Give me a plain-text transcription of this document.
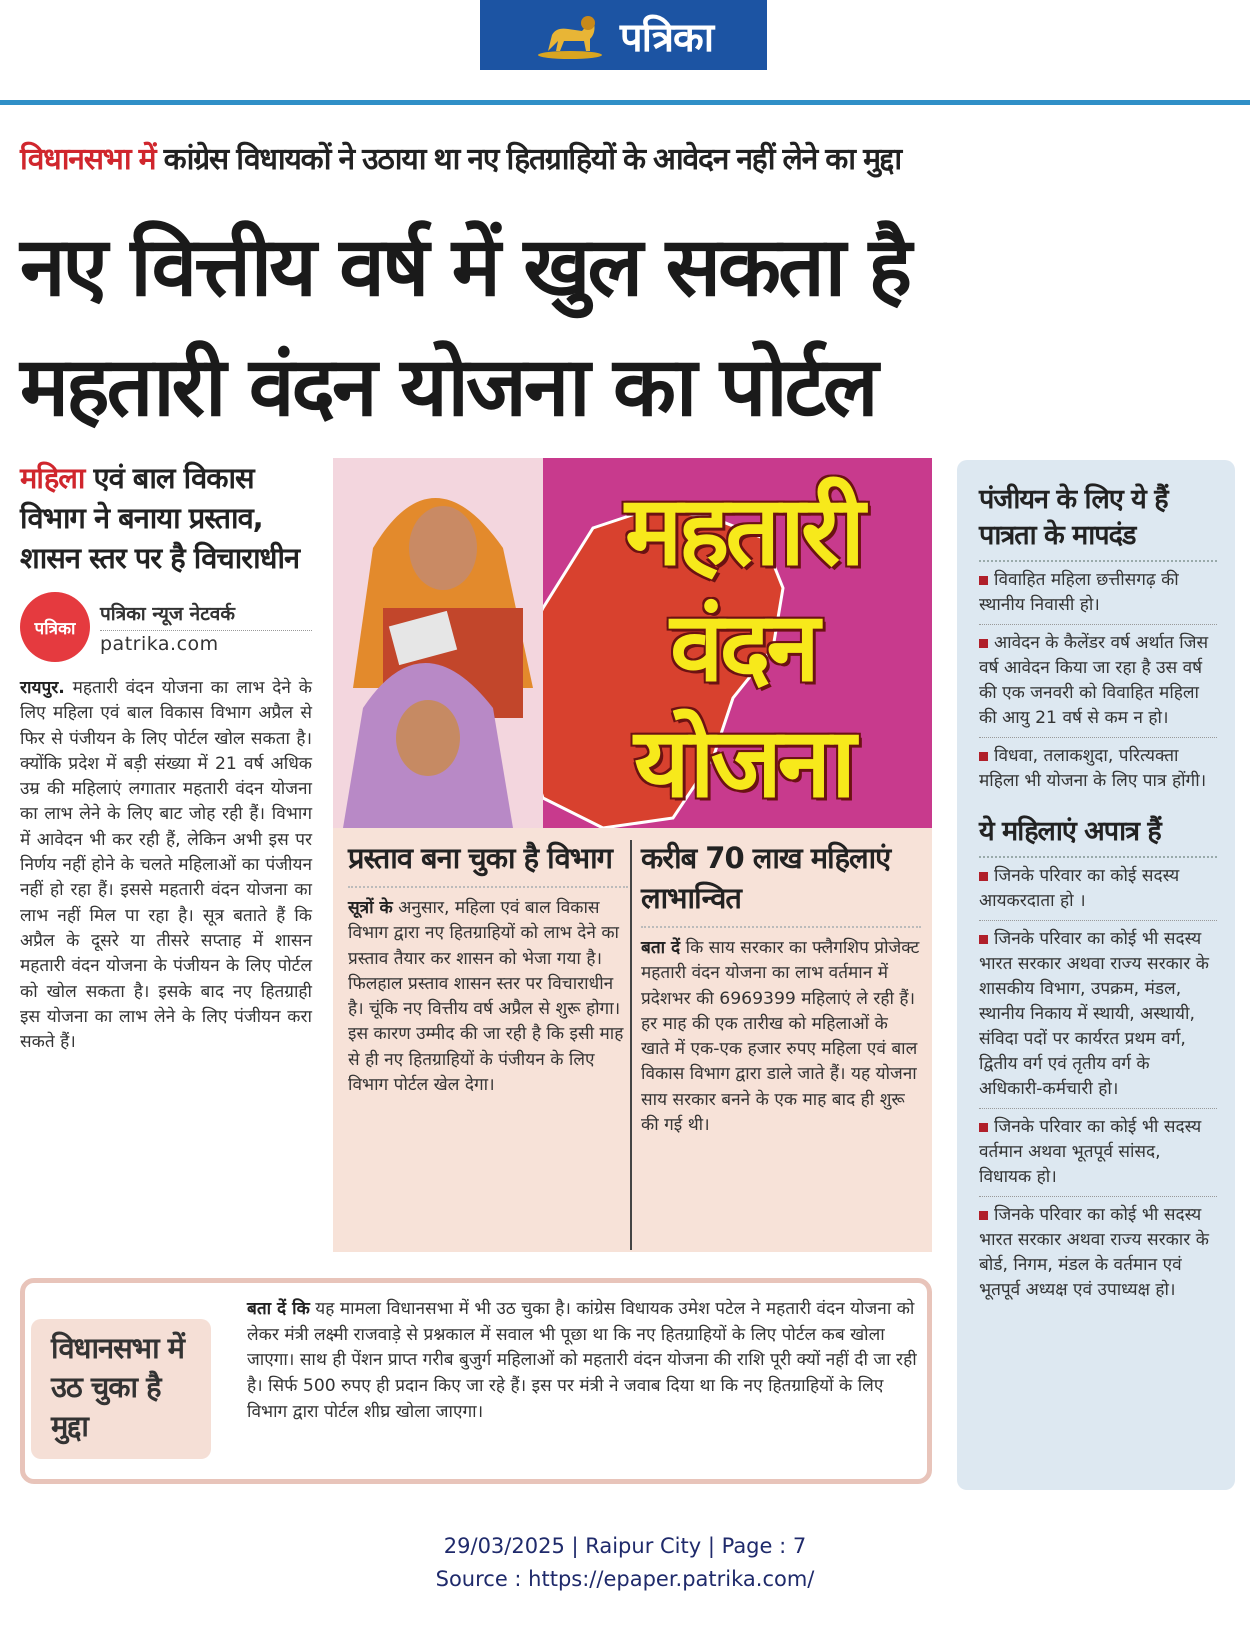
पत्रिका
विधानसभा में कांग्रेस विधायकों ने उठाया था नए हितग्राहियों के आवेदन नहीं लेने का मुद्दा
नए वित्तीय वर्ष में खुल सकता है
महतारी वंदन योजना का पोर्टल
महिला एवं बाल विकास विभाग ने बनाया प्रस्ताव, शासन स्तर पर है विचाराधीन
पत्रिका
पत्रिका न्यूज नेटवर्क
patrika.com
रायपुर. महतारी वंदन योजना का लाभ देने के लिए महिला एवं बाल विकास विभाग अप्रैल से फिर से पंजीयन के लिए पोर्टल खोल सकता है। क्योंकि प्रदेश में बड़ी संख्या में 21 वर्ष अधिक उम्र की महिलाएं लगातार महतारी वंदन योजना का लाभ लेने के लिए बाट जोह रही हैं। विभाग में आवेदन भी कर रही हैं, लेकिन अभी इस पर निर्णय नहीं होने के चलते महिलाओं का पंजीयन नहीं हो रहा हैं। इससे महतारी वंदन योजना का लाभ नहीं मिल पा रहा है। सूत्र बताते हैं कि अप्रैल के दूसरे या तीसरे सप्ताह में शासन महतारी वंदन योजना के पंजीयन के लिए पोर्टल को खोल सकता है। इसके बाद नए हितग्राही इस योजना का लाभ लेने के लिए पंजीयन करा सकते हैं।
महतारी
वंदन
योजना
प्रस्ताव बना चुका है विभाग
सूत्रों के अनुसार, महिला एवं बाल विकास विभाग द्वारा नए हितग्राहियों को लाभ देने का प्रस्ताव तैयार कर शासन को भेजा गया है। फिलहाल प्रस्ताव शासन स्तर पर विचाराधीन है। चूंकि नए वित्तीय वर्ष अप्रैल से शुरू होगा। इस कारण उम्मीद की जा रही है कि इसी माह से ही नए हितग्राहियों के पंजीयन के लिए विभाग पोर्टल खेल देगा।
करीब 70 लाख महिलाएं लाभान्वित
बता दें कि साय सरकार का फ्लैगशिप प्रोजेक्ट महतारी वंदन योजना का लाभ वर्तमान में प्रदेशभर की 6969399 महिलाएं ले रही हैं। हर माह की एक तारीख को महिलाओं के खाते में एक-एक हजार रुपए महिला एवं बाल विकास विभाग द्वारा डाले जाते हैं। यह योजना साय सरकार बनने के एक माह बाद ही शुरू की गई थी।
विधानसभा में उठ चुका है मुद्दा
बता दें कि यह मामला विधानसभा में भी उठ चुका है। कांग्रेस विधायक उमेश पटेल ने महतारी वंदन योजना को लेकर मंत्री लक्ष्मी राजवाड़े से प्रश्नकाल में सवाल भी पूछा था कि नए हितग्राहियों के लिए पोर्टल कब खोला जाएगा। साथ ही पेंशन प्राप्त गरीब बुजुर्ग महिलाओं को महतारी वंदन योजना की राशि पूरी क्यों नहीं दी जा रही है। सिर्फ 500 रुपए ही प्रदान किए जा रहे हैं। इस पर मंत्री ने जवाब दिया था कि नए हितग्राहियों के लिए विभाग द्वारा पोर्टल शीघ्र खोला जाएगा।
पंजीयन के लिए ये हैं पात्रता के मापदंड
विवाहित महिला छत्तीसगढ़ की स्थानीय निवासी हो।
आवेदन के कैलेंडर वर्ष अर्थात जिस वर्ष आवेदन किया जा रहा है उस वर्ष की एक जनवरी को विवाहित महिला की आयु 21 वर्ष से कम न हो।
विधवा, तलाकशुदा, परित्यक्ता महिला भी योजना के लिए पात्र होंगी।
ये महिलाएं अपात्र हैं
जिनके परिवार का कोई सदस्य आयकरदाता हो ।
जिनके परिवार का कोई भी सदस्य भारत सरकार अथवा राज्य सरकार के शासकीय विभाग, उपक्रम, मंडल, स्थानीय निकाय में स्थायी, अस्थायी, संविदा पदों पर कार्यरत प्रथम वर्ग, द्वितीय वर्ग एवं तृतीय वर्ग के अधिकारी-कर्मचारी हो।
जिनके परिवार का कोई भी सदस्य वर्तमान अथवा भूतपूर्व सांसद, विधायक हो।
जिनके परिवार का कोई भी सदस्य भारत सरकार अथवा राज्य सरकार के बोर्ड, निगम, मंडल के वर्तमान एवं भूतपूर्व अध्यक्ष एवं उपाध्यक्ष हो।
29/03/2025 | Raipur City | Page : 7
Source : https://epaper.patrika.com/
